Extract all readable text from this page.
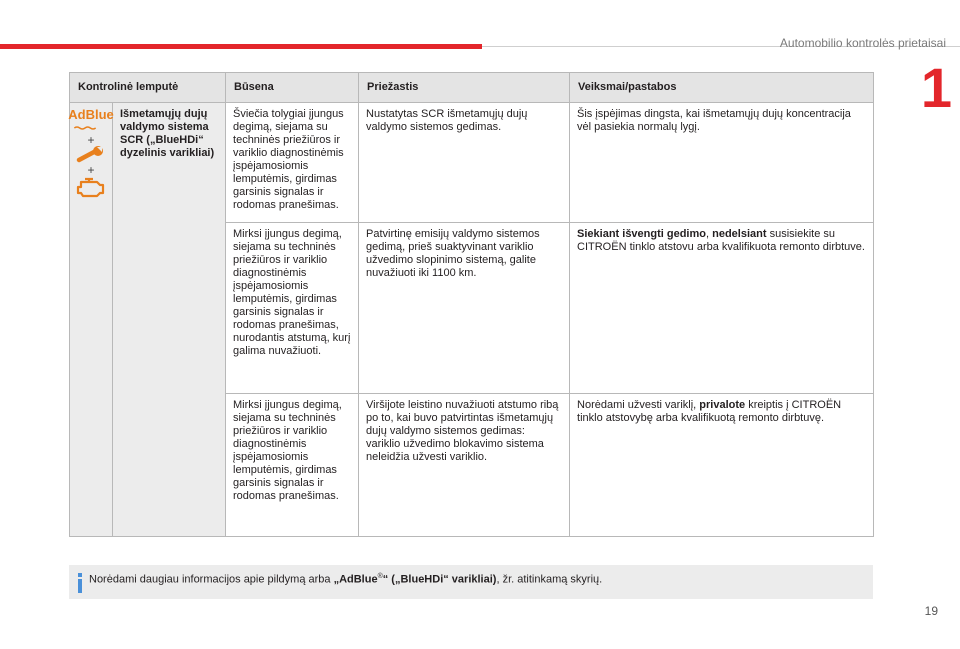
Automobilio kontrolės prietaisai
1
Kontrolinė lemputė		Būsena	Priežastis	Veiksmai/pastabos

AdBlue
+
+	Išmetamųjų dujų valdymo sistema SCR („BlueHDi“ dyzelinis varikliai)	Šviečia tolygiai įjungus degimą, siejama su techninės priežiūros ir variklio diagnostinėmis įspėjamosiomis lemputėmis, girdimas garsinis signalas ir rodomas pranešimas.	Nustatytas SCR išmetamųjų dujų valdymo sistemos gedimas.	Šis įspėjimas dingsta, kai išmetamųjų dujų koncentracija vėl pasiekia normalų lygį.
		Mirksi įjungus degimą, siejama su techninės priežiūros ir variklio diagnostinėmis įspėjamosiomis lemputėmis, girdimas garsinis signalas ir rodomas pranešimas, nurodantis atstumą, kurį galima nuvažiuoti.	Patvirtinę emisijų valdymo sistemos gedimą, prieš suaktyvinant variklio užvedimo slopinimo sistemą, galite nuvažiuoti iki 1100 km.	Siekiant išvengti gedimo, nedelsiant susisiekite su CITROËN tinklo atstovu arba kvalifikuota remonto dirbtuve.
		Mirksi įjungus degimą, siejama su techninės priežiūros ir variklio diagnostinėmis įspėjamosiomis lemputėmis, girdimas garsinis signalas ir rodomas pranešimas.	Viršijote leistino nuvažiuoti atstumo ribą po to, kai buvo patvirtintas išmetamųjų dujų valdymo sistemos gedimas: variklio užvedimo blokavimo sistema neleidžia užvesti variklio.	Norėdami užvesti variklį, privalote kreiptis į CITROËN tinklo atstovybę arba kvalifikuotą remonto dirbtuvę.
Norėdami daugiau informacijos apie pildymą arba „AdBlue®“ („BlueHDi“ varikliai), žr. atitinkamą skyrių.
19
